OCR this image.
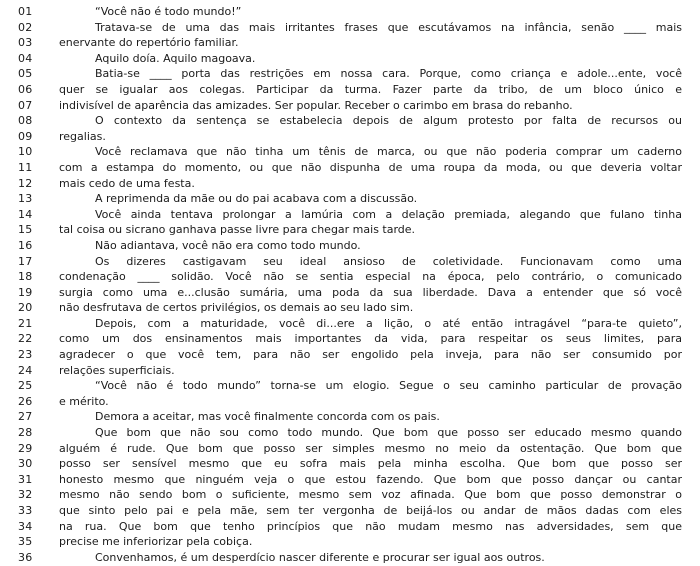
01	“Você não é todo mundo!”
02	Tratava-se de uma das mais irritantes frases que escutávamos na infância, senão ____ mais
03 enervante do repertório familiar.
04	Aquilo doía. Aquilo magoava.
05	Batia-se ____ porta das restrições em nossa cara. Porque, como criança e adole...ente, você
06 quer se igualar aos colegas. Participar da turma. Fazer parte da tribo, de um bloco único e
07 indivisível de aparência das amizades. Ser popular. Receber o carimbo em brasa do rebanho.
08	O contexto da sentença se estabelecia depois de algum protesto por falta de recursos ou
09 regalias.
10	Você reclamava que não tinha um tênis de marca, ou que não poderia comprar um caderno
11 com a estampa do momento, ou que não dispunha de uma roupa da moda, ou que deveria voltar
12 mais cedo de uma festa.
13	A reprimenda da mãe ou do pai acabava com a discussão.
14	Você ainda tentava prolongar a lamúria com a delação premiada, alegando que fulano tinha
15 tal coisa ou sicrano ganhava passe livre para chegar mais tarde.
16	Não adiantava, você não era como todo mundo.
17	Os dizeres castigavam seu ideal ansioso de coletividade. Funcionavam como uma
18 condenação ____ solidão. Você não se sentia especial na época, pelo contrário, o comunicado
19 surgia como uma e...clusão sumária, uma poda da sua liberdade. Dava a entender que só você
20 não desfrutava de certos privilégios, os demais ao seu lado sim.
21	Depois, com a maturidade, você di...ere a lição, o até então intragável “para-te quieto”,
22 como um dos ensinamentos mais importantes da vida, para respeitar os seus limites, para
23 agradecer o que você tem, para não ser engolido pela inveja, para não ser consumido por
24 relações superficiais.
25	“Você não é todo mundo” torna-se um elogio. Segue o seu caminho particular de provação
26 e mérito.
27	Demora a aceitar, mas você finalmente concorda com os pais.
28	Que bom que não sou como todo mundo. Que bom que posso ser educado mesmo quando
29 alguém é rude. Que bom que posso ser simples mesmo no meio da ostentação. Que bom que
30 posso ser sensível mesmo que eu sofra mais pela minha escolha. Que bom que posso ser
31 honesto mesmo que ninguém veja o que estou fazendo. Que bom que posso dançar ou cantar
32 mesmo não sendo bom o suficiente, mesmo sem voz afinada. Que bom que posso demonstrar o
33 que sinto pelo pai e pela mãe, sem ter vergonha de beijá-los ou andar de mãos dadas com eles
34 na rua. Que bom que tenho princípios que não mudam mesmo nas adversidades, sem que
35 precise me inferiorizar pela cobiça.
36	Convenhamos, é um desperdício nascer diferente e procurar ser igual aos outros.
